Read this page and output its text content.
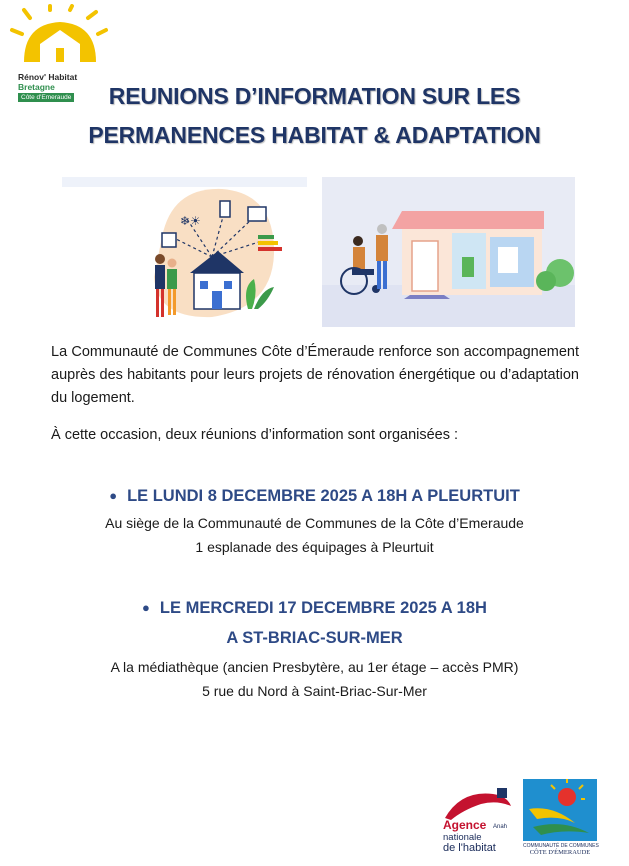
Rénov' Habitat
Bretagne
Côte d'Emeraude	REUNIONS D’INFORMATION SUR LES
PERMANENCES HABITAT & ADAPTATION
❄☀
La Communauté de Communes Côte d’Émeraude renforce son accompagnement auprès des habitants pour leurs projets de rénovation énergétique ou d’adaptation du logement.
À cette occasion, deux réunions d’information sont organisées :
● LE LUNDI 8 DECEMBRE 2025 A 18H A PLEURTUIT
Au siège de la Communauté de Communes de la Côte d’Emeraude
1 esplanade des équipages à Pleurtuit
● LE MERCREDI 17 DECEMBRE 2025 A 18H
A ST-BRIAC-SUR-MER
A la médiathèque (ancien Presbytère, au 1er étage – accès PMR)
5 rue du Nord à Saint-Briac-Sur-Mer
Agence
nationale
de l'habitat
Anah
COMMUNAUTÉ DE COMMUNES
CÔTE D'ÉMERAUDE
